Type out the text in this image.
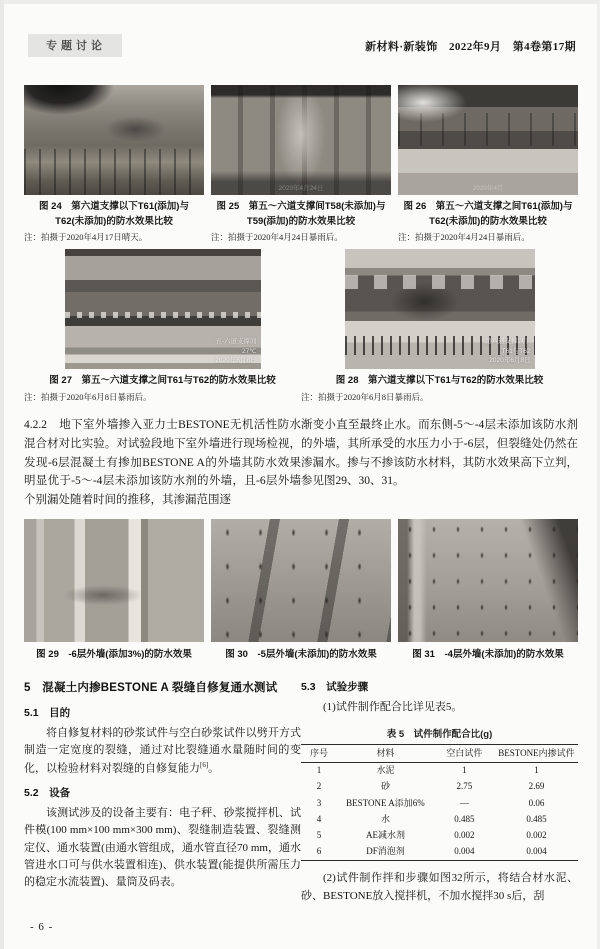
专题讨论	新材料·新装饰　2022年9月　第4卷第17期
图 24　第六道支撑以下T61(添加)与T62(未添加)的防水效果比较
注：拍摄于2020年4月17日晴天。
2020年4月24日
图 25　第五～六道支撑间T58(未添加)与T59(添加)的防水效果比较
注：拍摄于2020年4月24日暴雨后。
2020年4月
图 26　第五～六道支撑之间T61(添加)与T62(未添加)的防水效果比较
注：拍摄于2020年4月24日暴雨后。
五-六道支撑间
27℃
2020年6月8日
图 27　第五～六道支撑之间T61与T62的防水效果比较
注：拍摄于2020年6月8日暴雨后。
第六道支撑以下
T61与T62
2020年6月8日
图 28　第六道支撑以下T61与T62的防水效果比较
注：拍摄于2020年6月8日暴雨后。

4.2.2　地下室外墙掺入亚力士BESTONE无机活性防水混合材对比实验。对试验段地下室外墙进行现场检视，发现-6层混凝土有掺加BESTONE A的外墙其防水效果明显优于-5～-4层未添加该防水剂的外墙，且-6层外墙个别漏处随着时间的推移，其渗漏范围逐

渐变小直至最终止水。而东侧-5～-4层未添加该防水剂的外墙，其所承受的水压力小于-6层，但裂缝处仍然在渗漏水。掺与不掺该防水材料，其防水效果高下立判，参见图29、30、31。

图 29　-6层外墙(添加3%)的防水效果	图 30　-5层外墙(未添加)的防水效果	图 31　-4层外墙(未添加)的防水效果
5　混凝土内掺BESTONE A 裂缝自修复通水测试
5.1　目的

将自修复材料的砂浆试件与空白砂浆试件以劈开方式制造一定宽度的裂缝，通过对比裂缝通水量随时间的变化，以检验材料对裂缝的自修复能力[6]。

5.2　设备

该测试涉及的设备主要有：电子秤、砂浆搅拌机、试件模(100 mm×100 mm×300 mm)、裂缝制造装置、裂缝测定仪、通水装置(由通水管组成，通水管直径70 mm，通水管进水口可与供水装置相连)、供水装置(能提供所需压力的稳定水流装置)、量筒及码表。

5.3　试验步骤

(1)试件制作配合比详见表5。

表 5　试件制作配合比(g)
序号	材料	空白试件	BESTONE内掺试件
1	水泥	1	1
2	砂	2.75	2.69
3	BESTONE A添加6%	—	0.06
4	水	0.485	0.485
5	AE减水剂	0.002	0.002
6	DF消泡剂	0.004	0.004

(2)试件制作拌和步骤如图32所示，将结合材水泥、砂、BESTONE放入搅拌机，不加水搅拌30 s后，刮

- 6 -
